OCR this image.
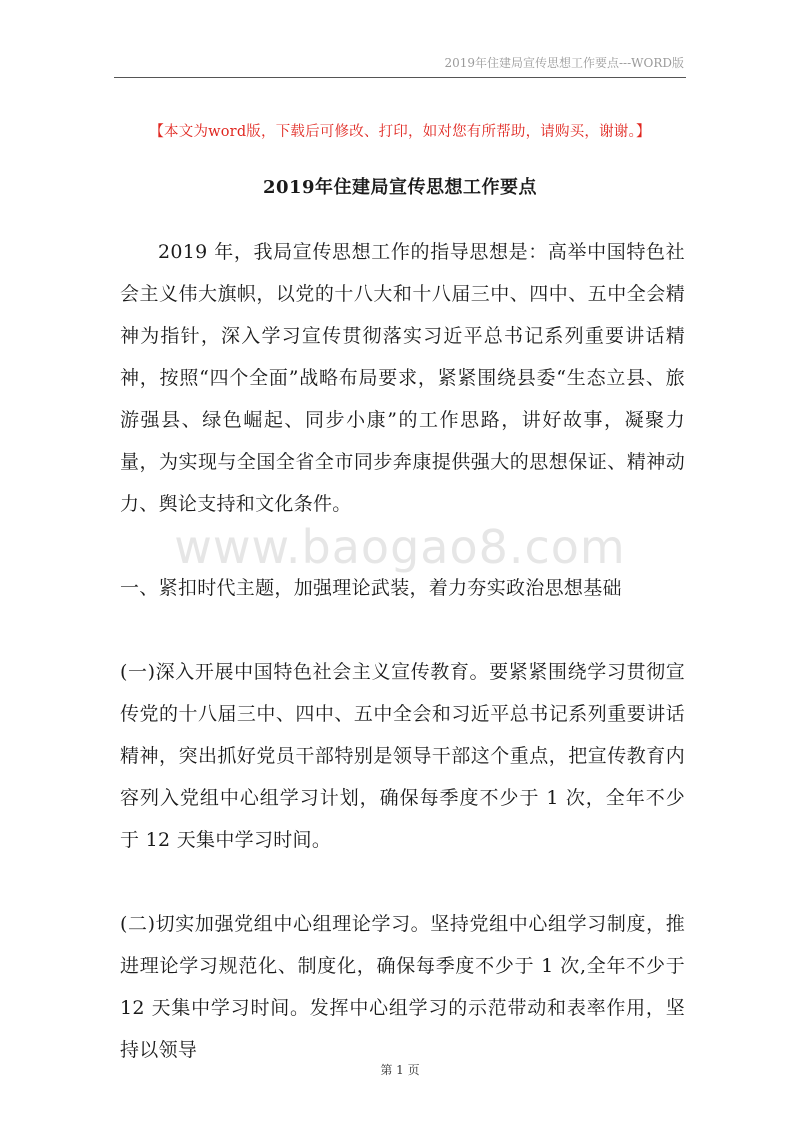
2019年住建局宣传思想工作要点---WORD版
【本文为word版，下载后可修改、打印，如对您有所帮助，请购买，谢谢。】
2019年住建局宣传思想工作要点

2019 年，我局宣传思想工作的指导思想是：高举中国特色社会主义伟大旗帜，以党的十八大和十八届三中、四中、五中全会精神为指针，深入学习宣传贯彻落实习近平总书记系列重要讲话精神，按照“四个全面”战略布局要求，紧紧围绕县委“生态立县、旅游强县、绿色崛起、同步小康”的工作思路，讲好故事，凝聚力量，为实现与全国全省全市同步奔康提供强大的思想保证、精神动力、舆论支持和文化条件。

www.baogao8.com

一、紧扣时代主题，加强理论武装，着力夯实政治思想基础

(一)深入开展中国特色社会主义宣传教育。要紧紧围绕学习贯彻宣传党的十八届三中、四中、五中全会和习近平总书记系列重要讲话精神，突出抓好党员干部特别是领导干部这个重点，把宣传教育内容列入党组中心组学习计划，确保每季度不少于 1 次，全年不少于 12 天集中学习时间。

(二)切实加强党组中心组理论学习。坚持党组中心组学习制度，推进理论学习规范化、制度化，确保每季度不少于 1 次,全年不少于 12 天集中学习时间。发挥中心组学习的示范带动和表率作用，坚持以领导

第 1 页
